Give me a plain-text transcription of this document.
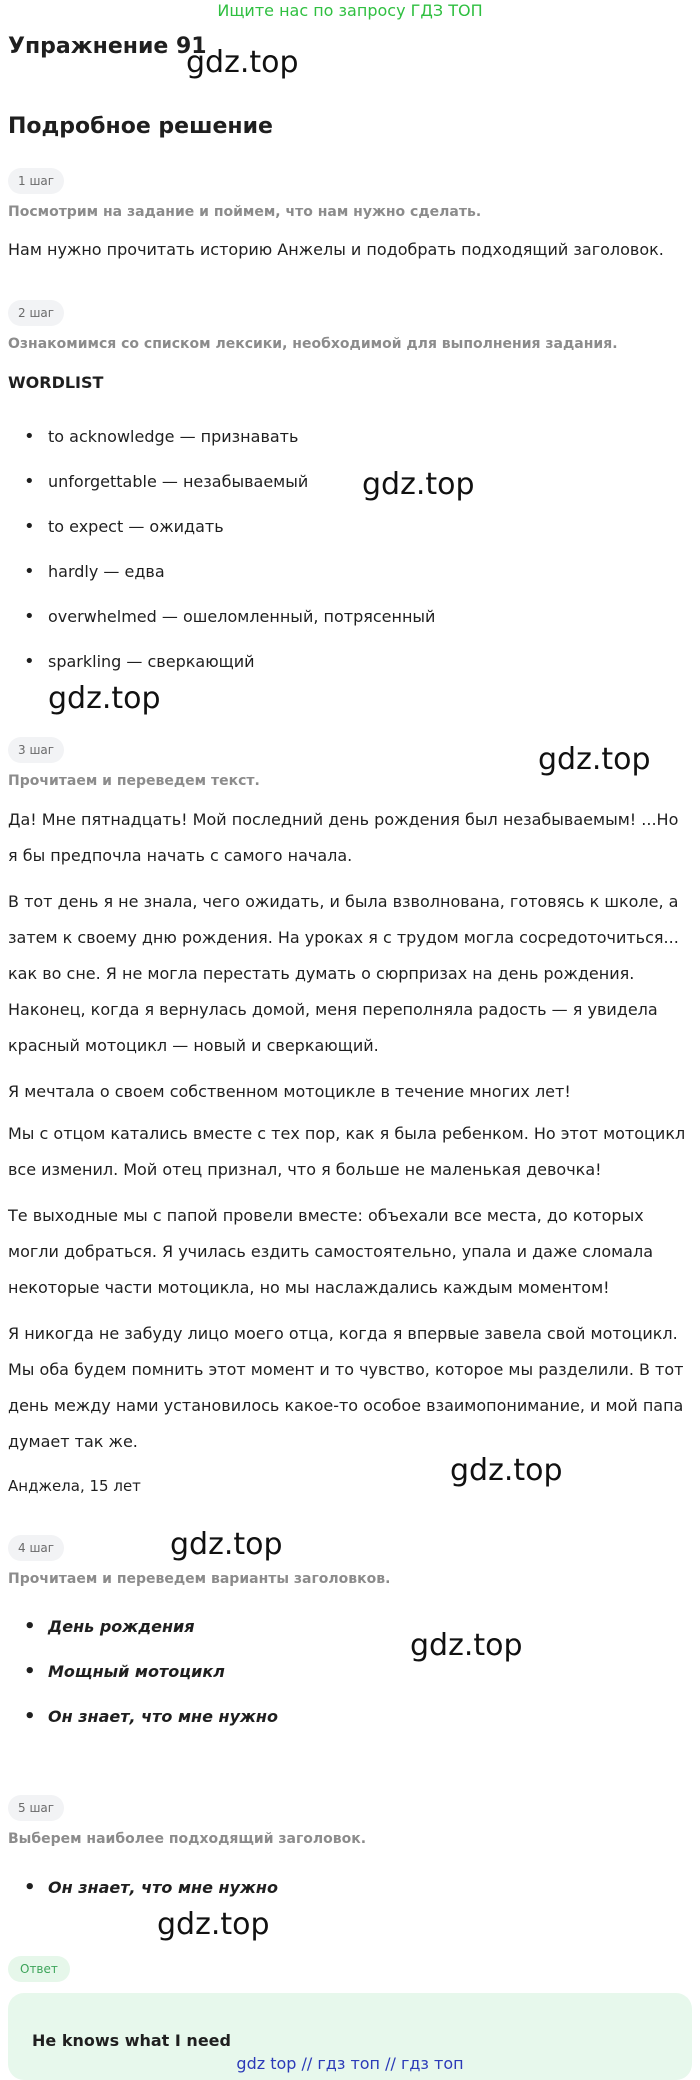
Ищите нас по запросу ГДЗ ТОП
Упражнение 91
Подробное решение
1 шаг
Посмотрим на задание и поймем, что нам нужно сделать.
Нам нужно прочитать историю Анжелы и подобрать подходящий заголовок.
2 шаг
Ознакомимся со списком лексики, необходимой для выполнения задания.
WORDLIST
• to acknowledge — признавать
• unforgettable — незабываемый
• to expect — ожидать
• hardly — едва
• overwhelmed — ошеломленный, потрясенный
• sparkling — сверкающий
3 шаг
Прочитаем и переведем текст.
Да! Мне пятнадцать! Мой последний день рождения был незабываемым! ...Но я бы предпочла начать с самого начала.
В тот день я не знала, чего ожидать, и была взволнована, готовясь к школе, а затем к своему дню рождения. На уроках я с трудом могла сосредоточиться... как во сне. Я не могла перестать думать о сюрпризах на день рождения. Наконец, когда я вернулась домой, меня переполняла радость — я увидела красный мотоцикл — новый и сверкающий.
Я мечтала о своем собственном мотоцикле в течение многих лет!
Мы с отцом катались вместе с тех пор, как я была ребенком. Но этот мотоцикл все изменил. Мой отец признал, что я больше не маленькая девочка!
Те выходные мы с папой провели вместе: объехали все места, до которых могли добраться. Я училась ездить самостоятельно, упала и даже сломала некоторые части мотоцикла, но мы наслаждались каждым моментом!
Я никогда не забуду лицо моего отца, когда я впервые завела свой мотоцикл. Мы оба будем помнить этот момент и то чувство, которое мы разделили. В тот день между нами установилось какое-то особое взаимопонимание, и мой папа думает так же.
Анджела, 15 лет
4 шаг
Прочитаем и переведем варианты заголовков.
• День рождения
• Мощный мотоцикл
• Он знает, что мне нужно
5 шаг
Выберем наиболее подходящий заголовок.
• Он знает, что мне нужно
Ответ
He knows what I need
gdz.top
gdz.top
gdz.top
gdz.top
gdz.top
gdz.top
gdz.top
gdz.top
gdz top // гдз топ // гдз топ
